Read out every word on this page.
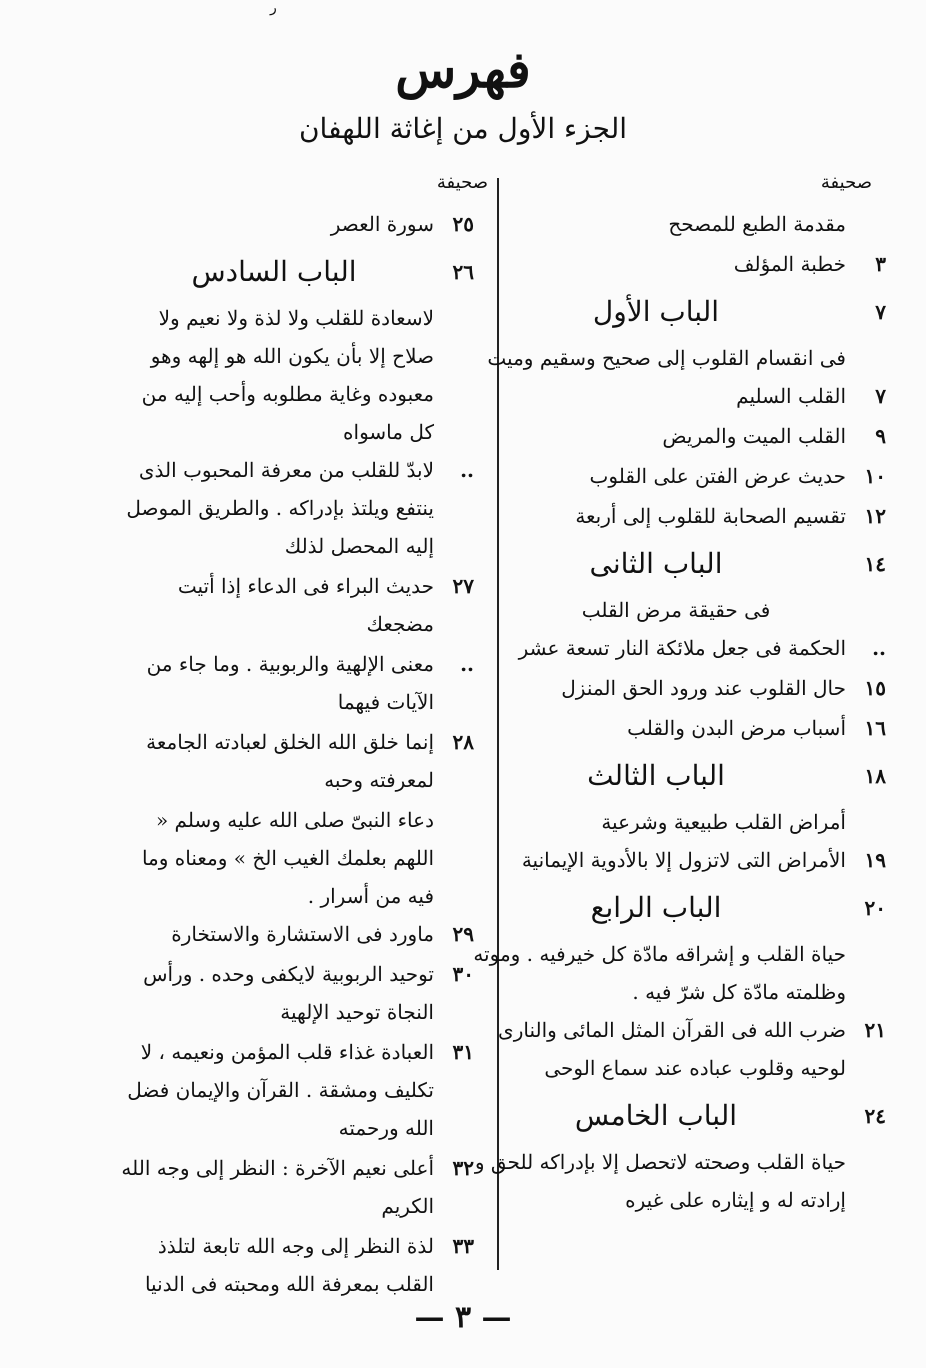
ر
فهرس
الجزء الأول من إغاثة اللهفان
صحيفة
صحيفة
مقدمة الطبع للمصحح
٣
خطبة المؤلف
٧
الباب الأول
فى انقسام القلوب إلى صحيح وسقيم وميت
٧
القلب السليم
٩
القلب الميت والمريض
١٠
حديث عرض الفتن على القلوب
١٢
تقسيم الصحابة للقلوب إلى أربعة
١٤
الباب الثانى
فى حقيقة مرض القلب
..
الحكمة فى جعل ملائكة النار تسعة عشر
١٥
حال القلوب عند ورود الحق المنزل
١٦
أسباب مرض البدن والقلب
١٨
الباب الثالث
أمراض القلب طبيعية وشرعية
١٩
الأمراض التى لاتزول إلا بالأدوية الإيمانية
٢٠
الباب الرابع
حياة القلب و إشراقه مادّة كل خيرفيه . وموته وظلمته مادّة كل شرّ فيه .
٢١
ضرب الله فى القرآن المثل المائى والنارى لوحيه وقلوب عباده عند سماع الوحى
٢٤
الباب الخامس
حياة القلب وصحته لاتحصل إلا بإدراكه للحق و إرادته له و إيثاره على غيره
٢٥
سورة العصر
٢٦
الباب السادس
لاسعادة للقلب ولا لذة ولا نعيم ولا صلاح إلا بأن يكون الله هو إلهه وهو معبوده وغاية مطلوبه وأحب إليه من كل ماسواه
..
لابدّ للقلب من معرفة المحبوب الذى ينتفع ويلتذ بإدراكه . والطريق الموصل إليه المحصل لذلك
٢٧
حديث البراء فى الدعاء إذا أتيت مضجعك
..
معنى الإلهية والربوبية . وما جاء من الآيات فيهما
٢٨
إنما خلق الله الخلق لعبادته الجامعة لمعرفته وحبه
دعاء النبىّ صلى الله عليه وسلم « اللهم بعلمك الغيب الخ » ومعناه وما فيه من أسرار .
٢٩
ماورد فى الاستشارة والاستخارة
٣٠
توحيد الربوبية لايكفى وحده . ورأس النجاة توحيد الإلهية
٣١
العبادة غذاء قلب المؤمن ونعيمه ، لا تكليف ومشقة . القرآن والإيمان فضل الله ورحمته
٣٢
أعلى نعيم الآخرة : النظر إلى وجه الله الكريم
٣٣
لذة النظر إلى وجه الله تابعة لتلذذ القلب بمعرفة الله ومحبته فى الدنيا
— ٣ —
